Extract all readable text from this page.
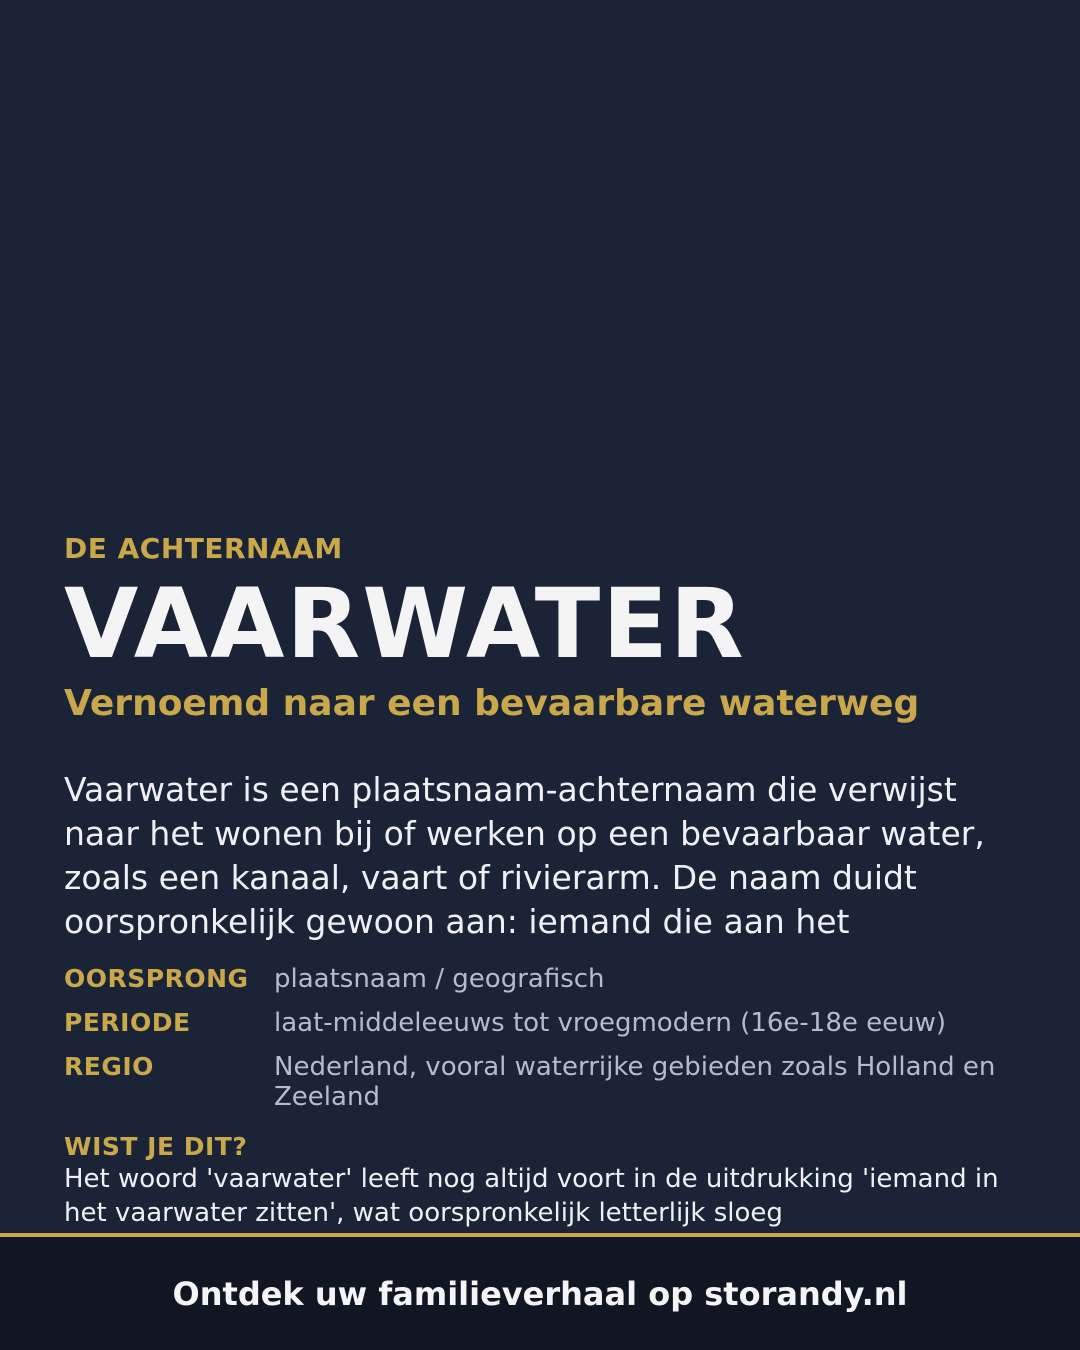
DE ACHTERNAAM
VAARWATER
Vernoemd naar een bevaarbare waterweg
Vaarwater is een plaatsnaam-achternaam die verwijst naar het wonen bij of werken op een bevaarbaar water, zoals een kanaal, vaart of rivierarm. De naam duidt oorspronkelijk gewoon aan: iemand die aan het
OORSPRONG plaatsnaam / geografisch
PERIODE	laat-middeleeuws tot vroegmodern (16e-18e eeuw)
REGIO	Nederland, vooral waterrijke gebieden zoals Holland en Zeeland
WIST JE DIT?
Het woord 'vaarwater' leeft nog altijd voort in de uitdrukking 'iemand in het vaarwater zitten', wat oorspronkelijk letterlijk sloeg
Ontdek uw familieverhaal op storandy.nl
